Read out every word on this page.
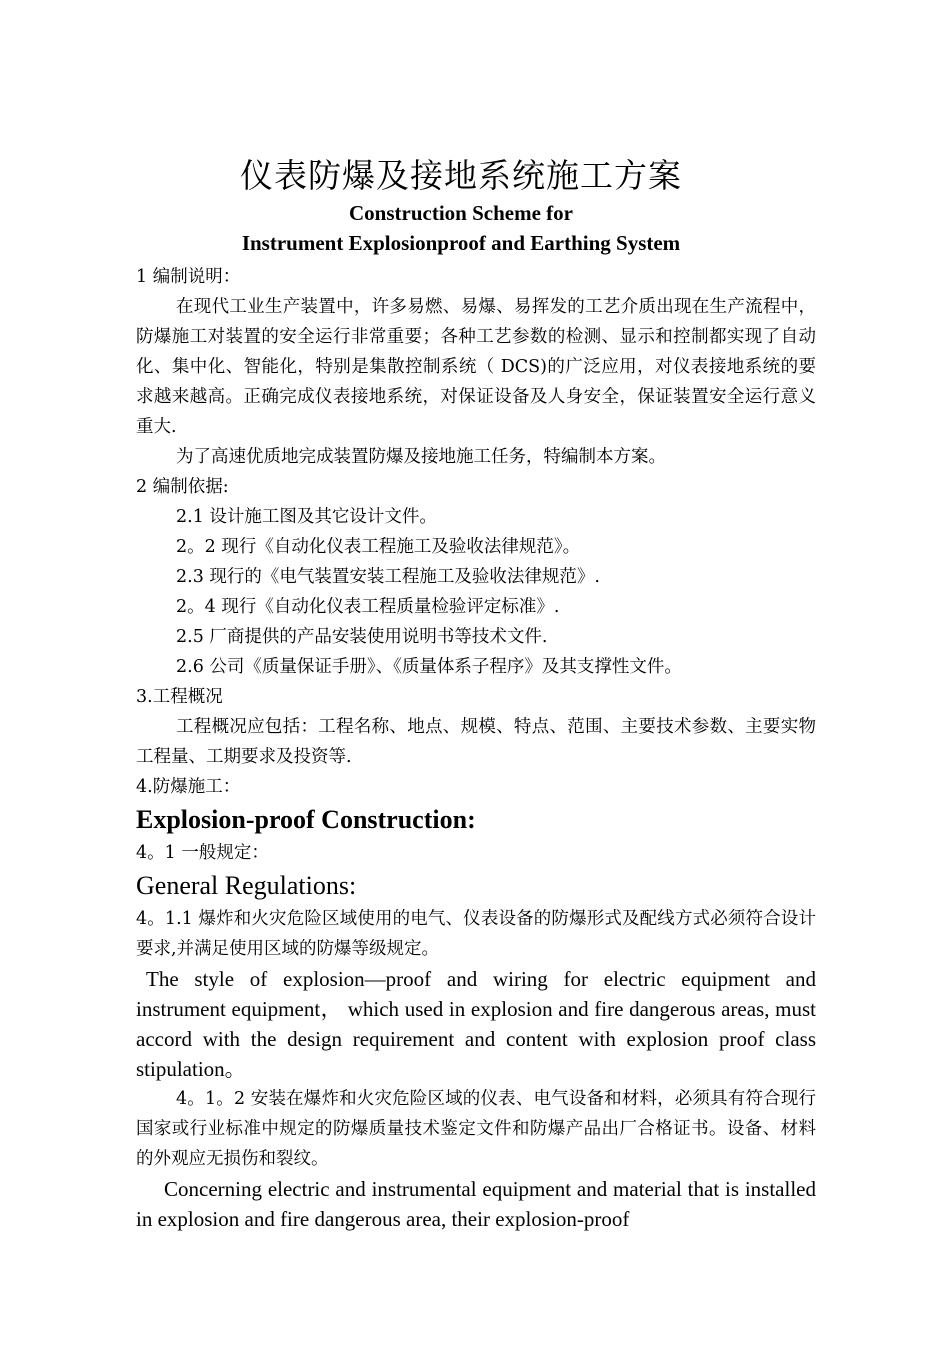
仪表防爆及接地系统施工方案

Construction Scheme for

Instrument Explosionproof and Earthing System

1 编制说明：

在现代工业生产装置中，许多易燃、易爆、易挥发的工艺介质出现在生产流程中，防爆施工对装置的安全运行非常重要；各种工艺参数的检测、显示和控制都实现了自动化、集中化、智能化，特别是集散控制系统（ DCS)的广泛应用，对仪表接地系统的要求越来越高。正确完成仪表接地系统，对保证设备及人身安全，保证装置安全运行意义重大.

为了高速优质地完成装置防爆及接地施工任务，特编制本方案。

2 编制依据:

2.1 设计施工图及其它设计文件。

2。2 现行《自动化仪表工程施工及验收法律规范》。

2.3 现行的《电气装置安装工程施工及验收法律规范》.

2。4 现行《自动化仪表工程质量检验评定标准》.

2.5 厂商提供的产品安装使用说明书等技术文件.

2.6 公司《质量保证手册》、《质量体系子程序》及其支撑性文件。

3.工程概况

工程概况应包括：工程名称、地点、规模、特点、范围、主要技术参数、主要实物工程量、工期要求及投资等.

4.防爆施工：

Explosion-proof Construction:

4。1 一般规定：

General Regulations:

4。1.1 爆炸和火灾危险区域使用的电气、仪表设备的防爆形式及配线方式必须符合设计要求,并满足使用区域的防爆等级规定。

The style of explosion—proof and wiring for electric equipment and instrument equipment， which used in explosion and fire dangerous areas, must accord with the design requirement and content with explosion proof class stipulation。

4。1。2 安装在爆炸和火灾危险区域的仪表、电气设备和材料，必须具有符合现行国家或行业标准中规定的防爆质量技术鉴定文件和防爆产品出厂合格证书。设备、材料的外观应无损伤和裂纹。

Concerning electric and instrumental equipment and material that is installed in explosion and fire dangerous area, their explosion-proof
